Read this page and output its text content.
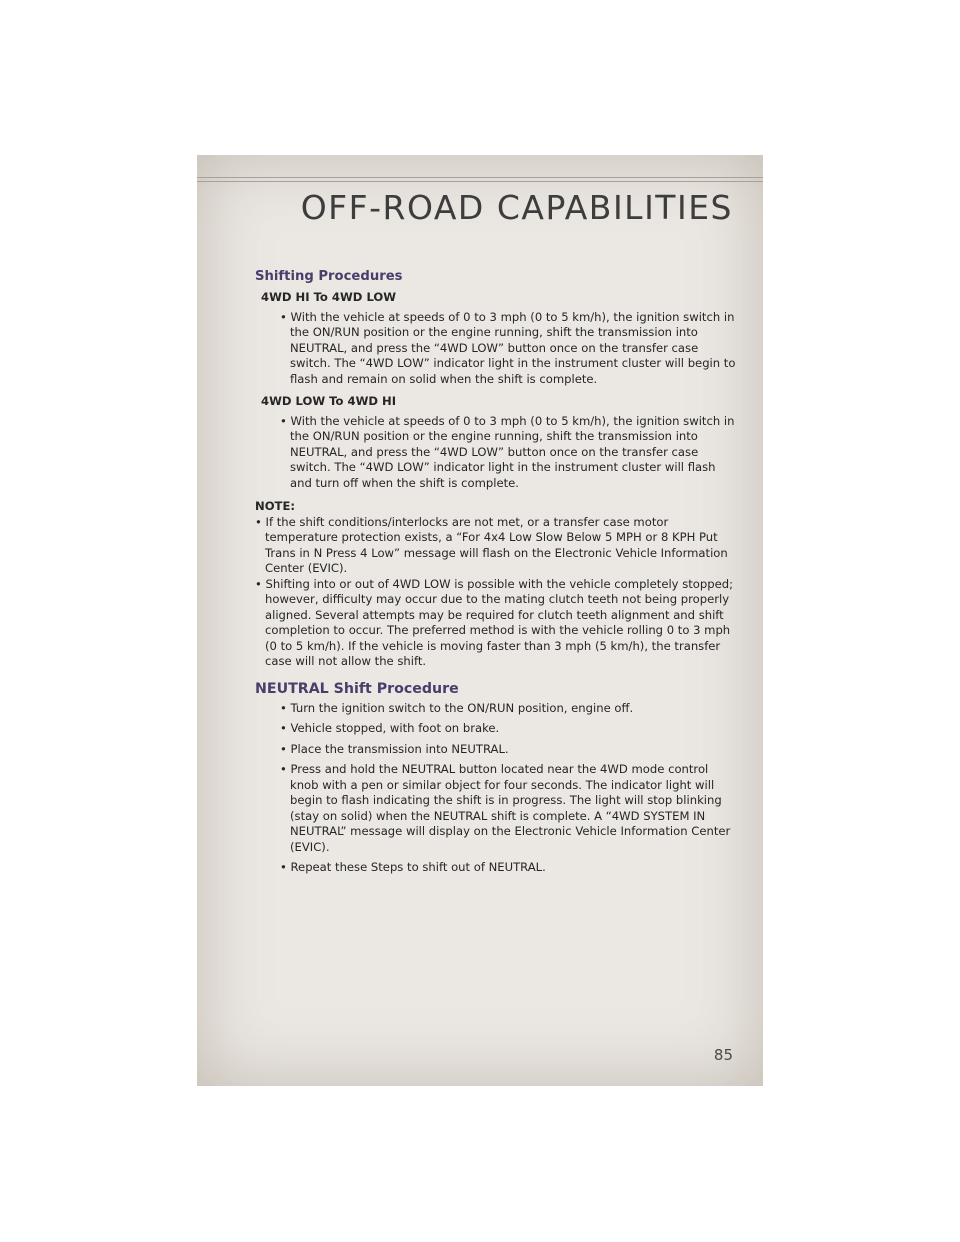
OFF-ROAD CAPABILITIES
Shifting Procedures
4WD HI To 4WD LOW
• With the vehicle at speeds of 0 to 3 mph (0 to 5 km/h), the ignition switch in the ON/RUN position or the engine running, shift the transmission into NEUTRAL, and press the “4WD LOW” button once on the transfer case switch. The “4WD LOW” indicator light in the instrument cluster will begin to flash and remain on solid when the shift is complete.
4WD LOW To 4WD HI
• With the vehicle at speeds of 0 to 3 mph (0 to 5 km/h), the ignition switch in the ON/RUN position or the engine running, shift the transmission into NEUTRAL, and press the “4WD LOW” button once on the transfer case switch. The “4WD LOW” indicator light in the instrument cluster will flash and turn off when the shift is complete.
NOTE:
• If the shift conditions/interlocks are not met, or a transfer case motor temperature protection exists, a “For 4x4 Low Slow Below 5 MPH or 8 KPH Put Trans in N Press 4 Low” message will flash on the Electronic Vehicle Information Center (EVIC).
• Shifting into or out of 4WD LOW is possible with the vehicle completely stopped; however, difficulty may occur due to the mating clutch teeth not being properly aligned. Several attempts may be required for clutch teeth alignment and shift completion to occur. The preferred method is with the vehicle rolling 0 to 3 mph (0 to 5 km/h). If the vehicle is moving faster than 3 mph (5 km/h), the transfer case will not allow the shift.
NEUTRAL Shift Procedure
• Turn the ignition switch to the ON/RUN position, engine off.
• Vehicle stopped, with foot on brake.
• Place the transmission into NEUTRAL.
• Press and hold the NEUTRAL button located near the 4WD mode control knob with a pen or similar object for four seconds. The indicator light will begin to flash indicating the shift is in progress. The light will stop blinking (stay on solid) when the NEUTRAL shift is complete. A “4WD SYSTEM IN NEUTRAL” message will display on the Electronic Vehicle Information Center (EVIC).
• Repeat these Steps to shift out of NEUTRAL.
85
